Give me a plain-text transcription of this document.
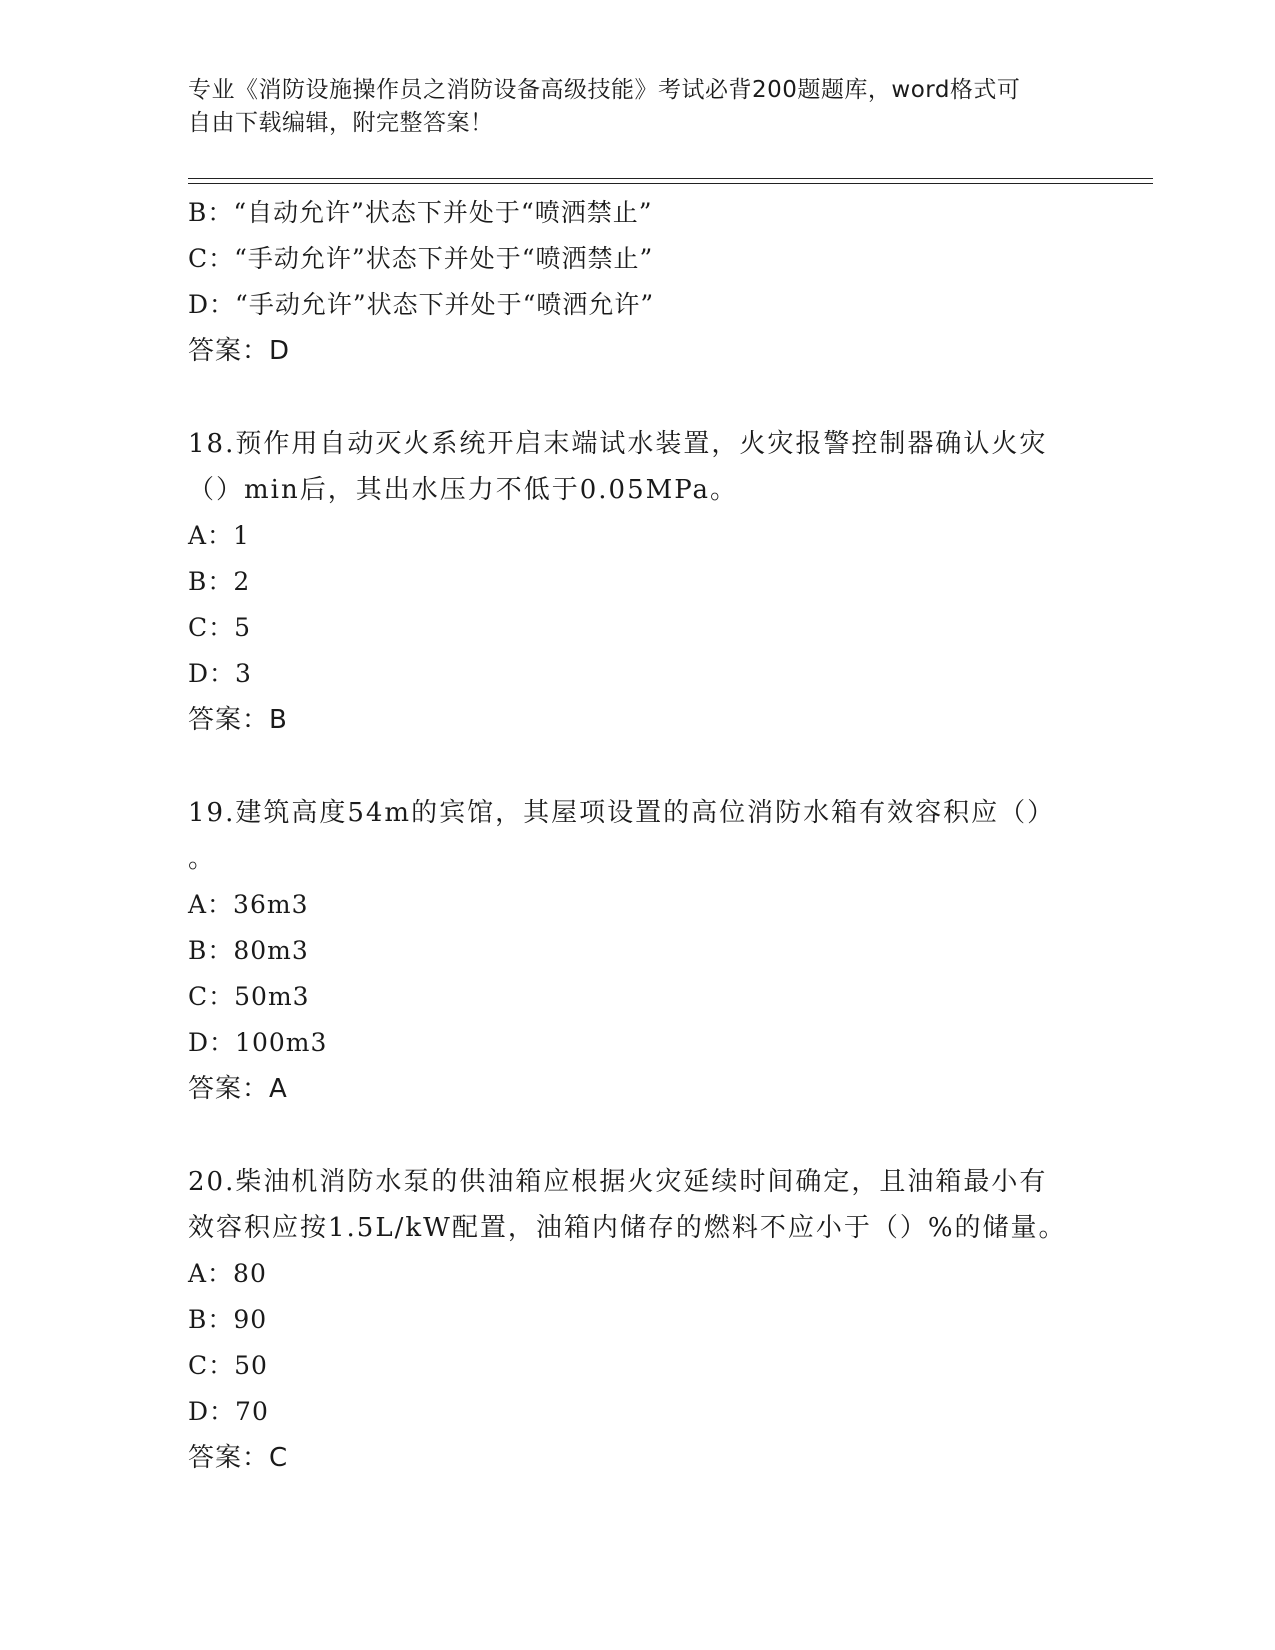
专业《消防设施操作员之消防设备高级技能》考试必背200题题库，word格式可
自由下载编辑，附完整答案！
B：“自动允许”状态下并处于“喷洒禁止”
C：“手动允许”状态下并处于“喷洒禁止”
D：“手动允许”状态下并处于“喷洒允许”
答案：D
18.预作用自动灭火系统开启末端试水装置，火灾报警控制器确认火灾
（）min后，其出水压力不低于0.05MPa。
A：1
B：2
C：5
D：3
答案：B
19.建筑高度54m的宾馆，其屋项设置的高位消防水箱有效容积应（）
。
A：36m3
B：80m3
C：50m3
D：100m3
答案：A
20.柴油机消防水泵的供油箱应根据火灾延续时间确定，且油箱最小有
效容积应按1.5L/kW配置，油箱内储存的燃料不应小于（）%的储量。
A：80
B：90
C：50
D：70
答案：C
